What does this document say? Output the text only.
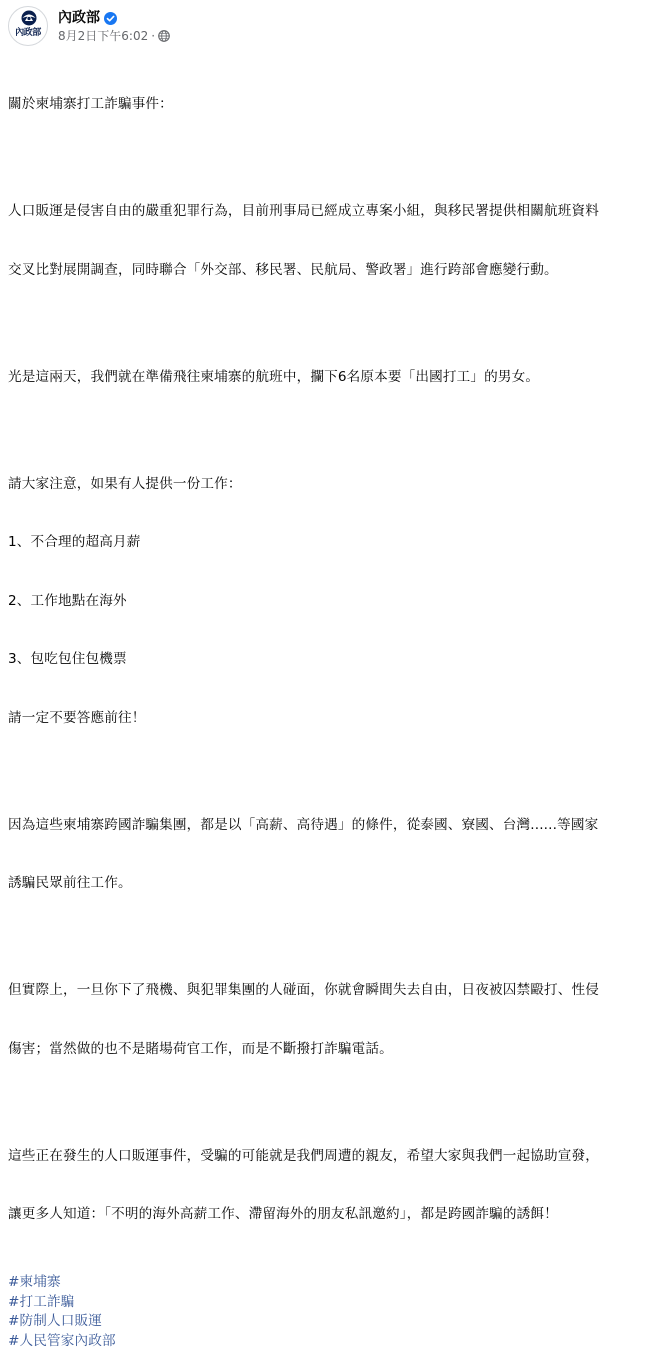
內政部
內政部
8月2日下午6:02 ·

關於柬埔寨打工詐騙事件：

人口販運是侵害自由的嚴重犯罪行為，目前刑事局已經成立專案小組，與移民署提供相關航班資料

交叉比對展開調查，同時聯合「外交部、移民署、民航局、警政署」進行跨部會應變行動。

光是這兩天，我們就在準備飛往柬埔寨的航班中，攔下6名原本要「出國打工」的男女。

請大家注意，如果有人提供一份工作：

1、不合理的超高月薪

2、工作地點在海外

3、包吃包住包機票

請一定不要答應前往！

因為這些柬埔寨跨國詐騙集團，都是以「高薪、高待遇」的條件，從泰國、寮國、台灣......等國家

誘騙民眾前往工作。

但實際上，一旦你下了飛機、與犯罪集團的人碰面，你就會瞬間失去自由，日夜被囚禁毆打、性侵

傷害；當然做的也不是賭場荷官工作，而是不斷撥打詐騙電話。

這些正在發生的人口販運事件，受騙的可能就是我們周遭的親友，希望大家與我們一起協助宣發，

讓更多人知道：「不明的海外高薪工作、滯留海外的朋友私訊邀約」，都是跨國詐騙的誘餌！

#柬埔寨
#打工詐騙
#防制人口販運
#人民管家內政部
